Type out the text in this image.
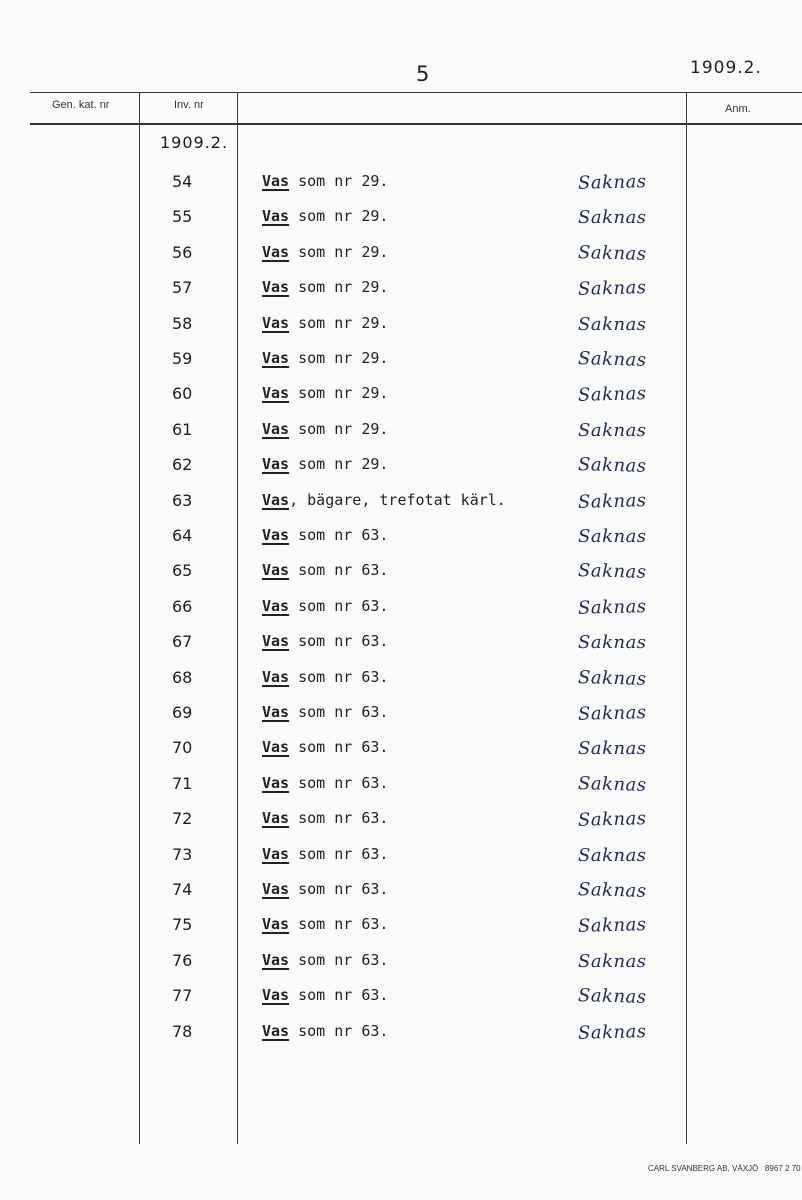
5	1909.2.
Gen. kat. nr	Inv. nr	Anm.
1909.2.
54	Vas som nr 29.	Saknas
55	Vas som nr 29.	Saknas
56	Vas som nr 29.	Saknas
57	Vas som nr 29.	Saknas
58	Vas som nr 29.	Saknas
59	Vas som nr 29.	Saknas
60	Vas som nr 29.	Saknas
61	Vas som nr 29.	Saknas
62	Vas som nr 29.	Saknas
63	Vas, bägare, trefotat kärl.	Saknas
64	Vas som nr 63.	Saknas
65	Vas som nr 63.	Saknas
66	Vas som nr 63.	Saknas
67	Vas som nr 63.	Saknas
68	Vas som nr 63.	Saknas
69	Vas som nr 63.	Saknas
70	Vas som nr 63.	Saknas
71	Vas som nr 63.	Saknas
72	Vas som nr 63.	Saknas
73	Vas som nr 63.	Saknas
74	Vas som nr 63.	Saknas
75	Vas som nr 63.	Saknas
76	Vas som nr 63.	Saknas
77	Vas som nr 63.	Saknas
78	Vas som nr 63.	Saknas
CARL SVANBERG AB, VÄXJÖ   8967 2 70
